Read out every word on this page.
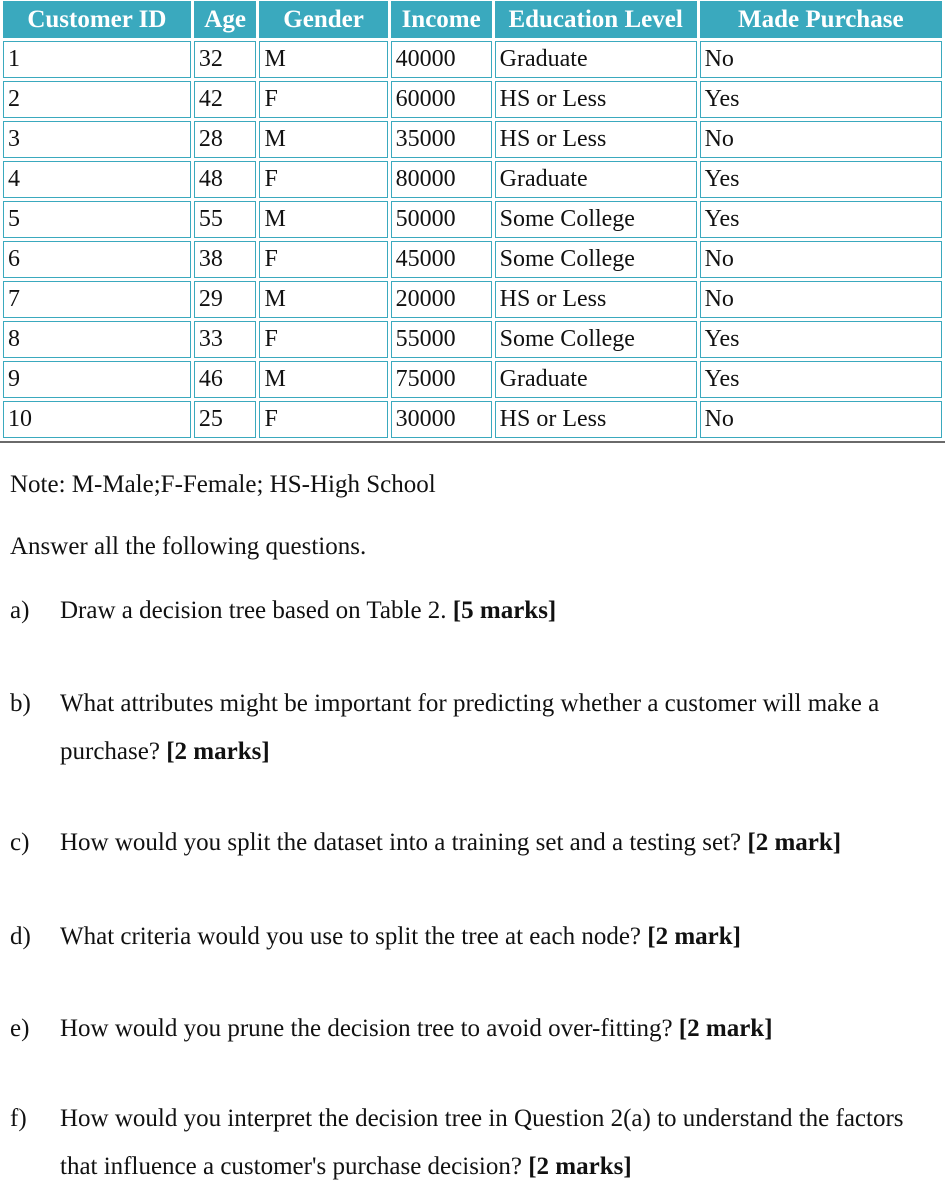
Customer ID	Age	Gender	Income	Education Level	Made Purchase
1	32	M	40000	Graduate	No
2	42	F	60000	HS or Less	Yes
3	28	M	35000	HS or Less	No
4	48	F	80000	Graduate	Yes
5	55	M	50000	Some College	Yes
6	38	F	45000	Some College	No
7	29	M	20000	HS or Less	No
8	33	F	55000	Some College	Yes
9	46	M	75000	Graduate	Yes
10	25	F	30000	HS or Less	No

Note: M-Male;F-Female; HS-High School

Answer all the following questions.

a) Draw a decision tree based on Table 2. [5 marks]
b) What attributes might be important for predicting whether a customer will make a purchase? [2 marks]
c) How would you split the dataset into a training set and a testing set? [2 mark]
d) What criteria would you use to split the tree at each node? [2 mark]
e) How would you prune the decision tree to avoid over-fitting? [2 mark]
f) How would you interpret the decision tree in Question 2(a) to understand the factors that influence a customer's purchase decision? [2 marks]
